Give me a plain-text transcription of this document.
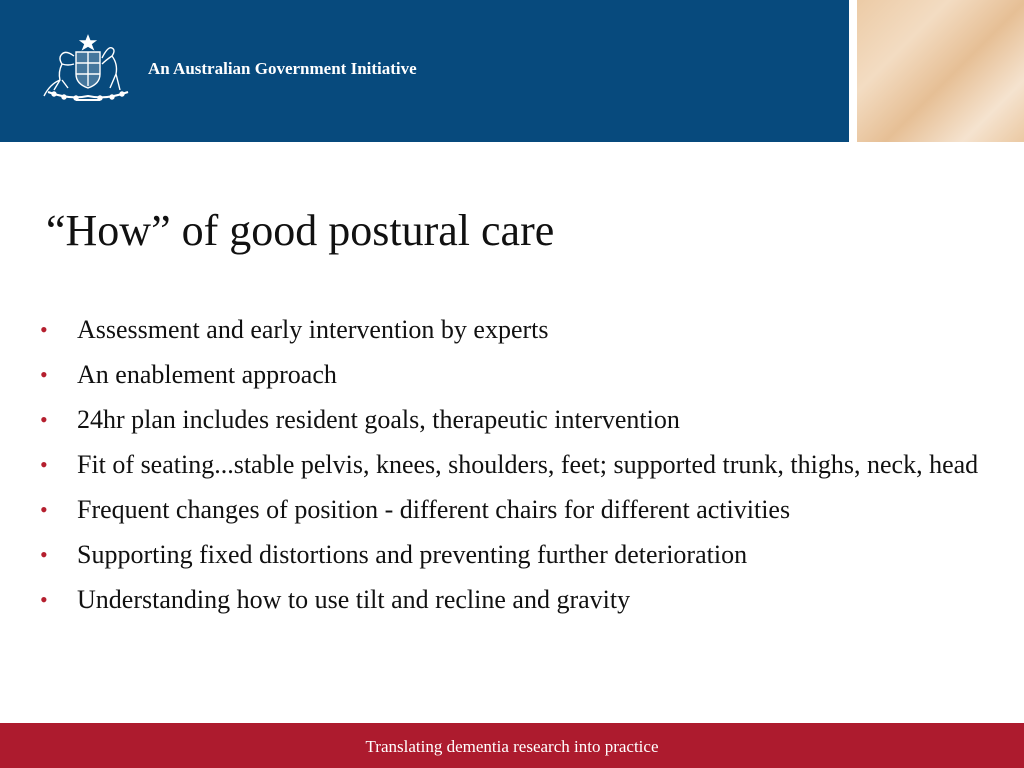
An Australian Government Initiative
“How” of good postural care
• Assessment and early intervention by experts
• An enablement approach
• 24hr plan includes resident goals, therapeutic intervention
• Fit of seating...stable pelvis, knees, shoulders, feet; supported trunk, thighs, neck, head
• Frequent changes of position - different chairs for different activities
• Supporting fixed distortions and preventing further deterioration
• Understanding how to use tilt and recline and gravity
Translating dementia research into practice
